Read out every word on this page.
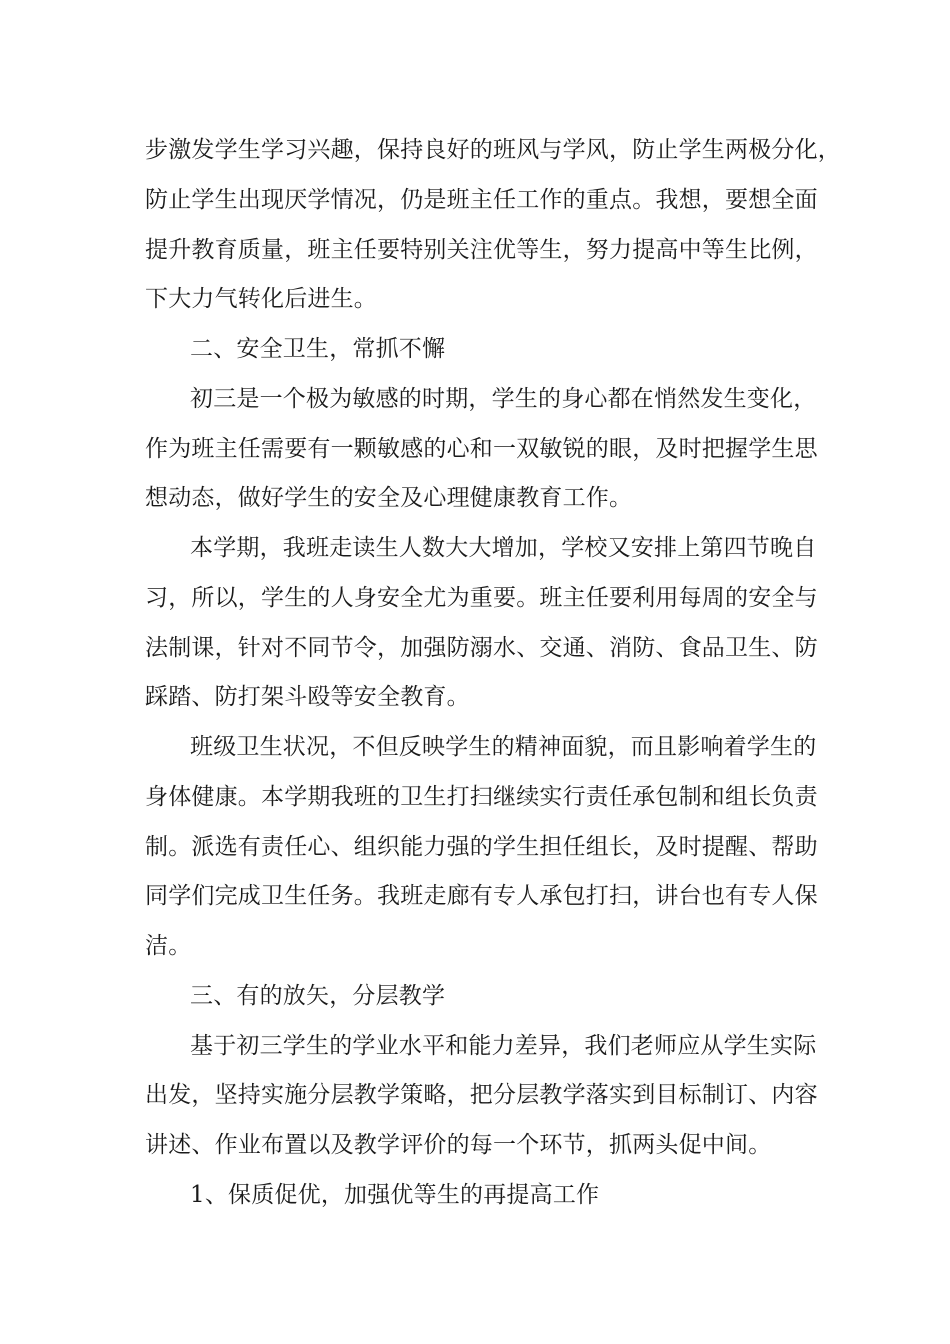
步激发学生学习兴趣，保持良好的班风与学风，防止学生两极分化，
防止学生出现厌学情况，仍是班主任工作的重点。我想，要想全面
提升教育质量，班主任要特别关注优等生，努力提高中等生比例，
下大力气转化后进生。
二、安全卫生，常抓不懈
初三是一个极为敏感的时期，学生的身心都在悄然发生变化，
作为班主任需要有一颗敏感的心和一双敏锐的眼，及时把握学生思
想动态，做好学生的安全及心理健康教育工作。
本学期，我班走读生人数大大增加，学校又安排上第四节晚自
习，所以，学生的人身安全尤为重要。班主任要利用每周的安全与
法制课，针对不同节令，加强防溺水、交通、消防、食品卫生、防
踩踏、防打架斗殴等安全教育。
班级卫生状况，不但反映学生的精神面貌，而且影响着学生的
身体健康。本学期我班的卫生打扫继续实行责任承包制和组长负责
制。派选有责任心、组织能力强的学生担任组长，及时提醒、帮助
同学们完成卫生任务。我班走廊有专人承包打扫，讲台也有专人保
洁。
三、有的放矢，分层教学
基于初三学生的学业水平和能力差异，我们老师应从学生实际
出发，坚持实施分层教学策略，把分层教学落实到目标制订、内容
讲述、作业布置以及教学评价的每一个环节，抓两头促中间。
1、保质促优，加强优等生的再提高工作
